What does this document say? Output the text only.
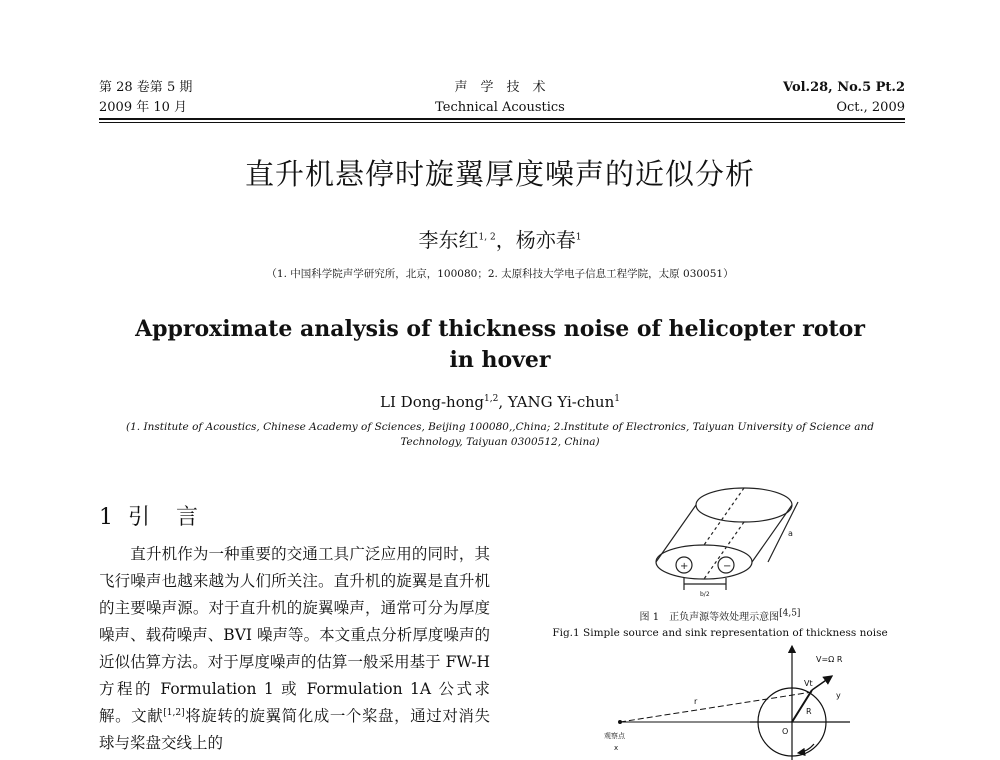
第 28 卷第 5 期
2009 年 10 月
声　学　技　术
Technical Acoustics
Vol.28, No.5 Pt.2
Oct., 2009
直升机悬停时旋翼厚度噪声的近似分析
李东红$^{1, 2}$，杨亦春$^1$
（1. 中国科学院声学研究所，北京，100080；2. 太原科技大学电子信息工程学院，太原 030051）
Approximate analysis of thickness noise of helicopter rotor in hover
LI Dong-hong$^{1,2}$, YANG Yi-chun$^1$
(1. Institute of Acoustics, Chinese Academy of Sciences, Beijing 100080,,China; 2.Institute of Electronics, Taiyuan University of Science and Technology, Taiyuan 0300512, China)
1  引　言

　　直升机作为一种重要的交通工具广泛应用的同时，其飞行噪声也越来越为人们所关注。直升机的旋翼是直升机的主要噪声源。对于直升机的旋翼噪声，通常可分为厚度噪声、载荷噪声、BVI 噪声等。本文重点分析厚度噪声的近似估算方法。对于厚度噪声的估算一般采用基于 FW-H 方程的 Formulation 1 或 Formulation 1A 公式求解。文献[1,2]将旋转的旋翼简化成一个桨盘，通过对消失球与桨盘交线上的

+	−
a
b/2
图 1　正负声源等效处理示意图[4,5]
Fig.1 Simple source and sink representation of thickness noise
V=Ω R
Vt
y
r
R
O
观察点
x
